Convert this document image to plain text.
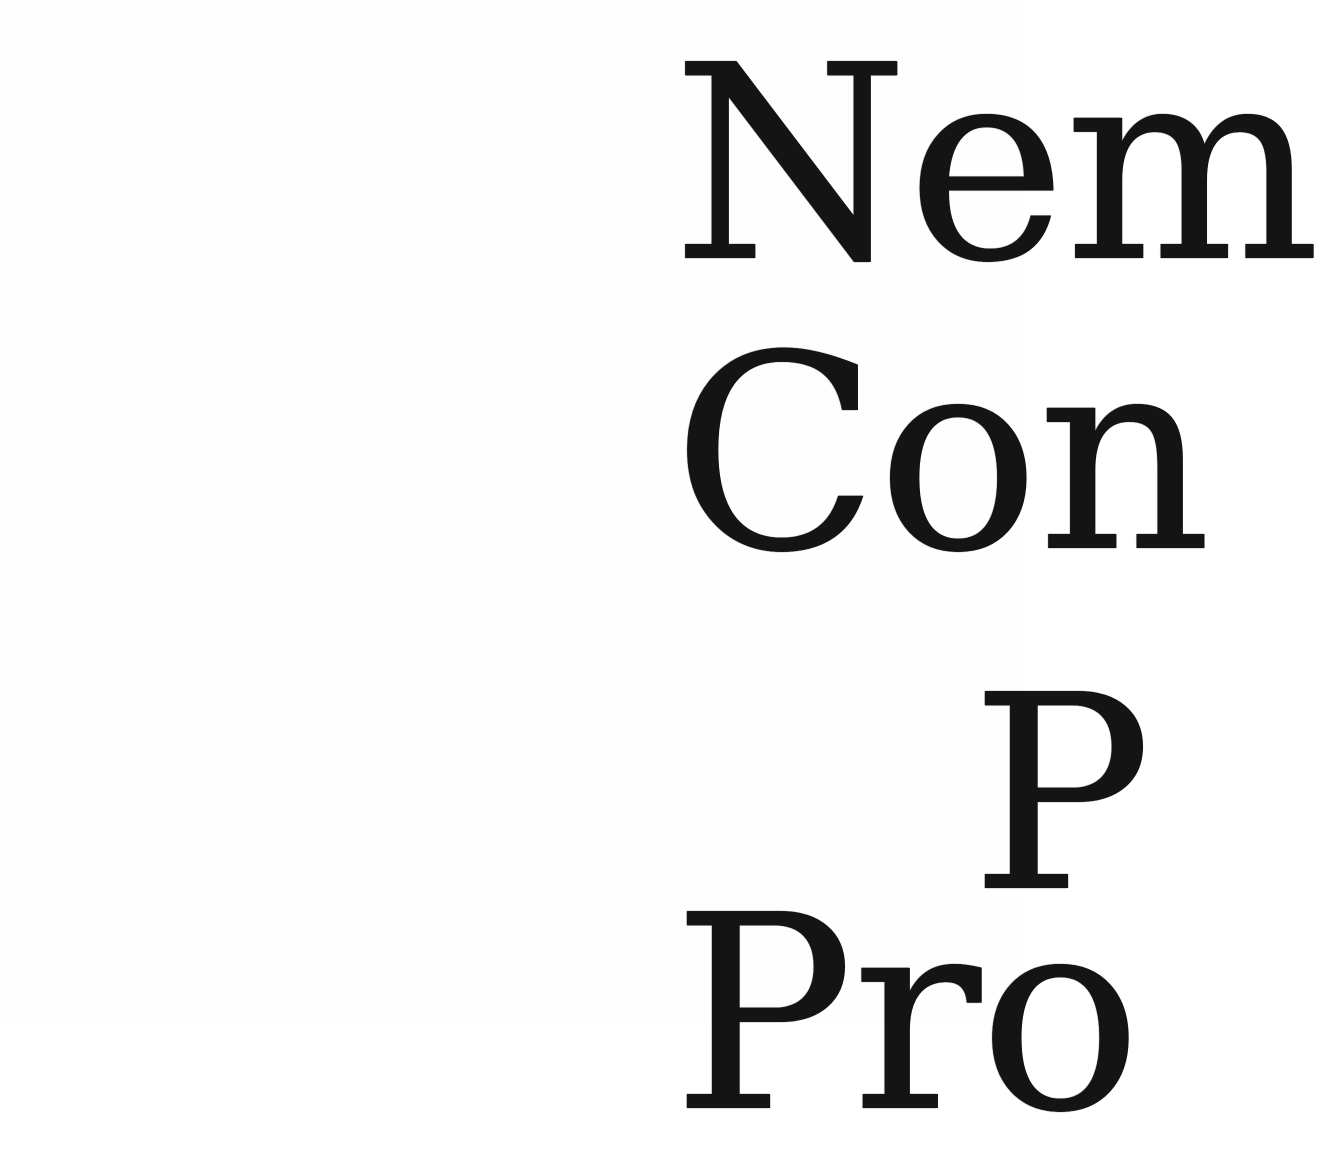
Nem

Con

P

Pro
